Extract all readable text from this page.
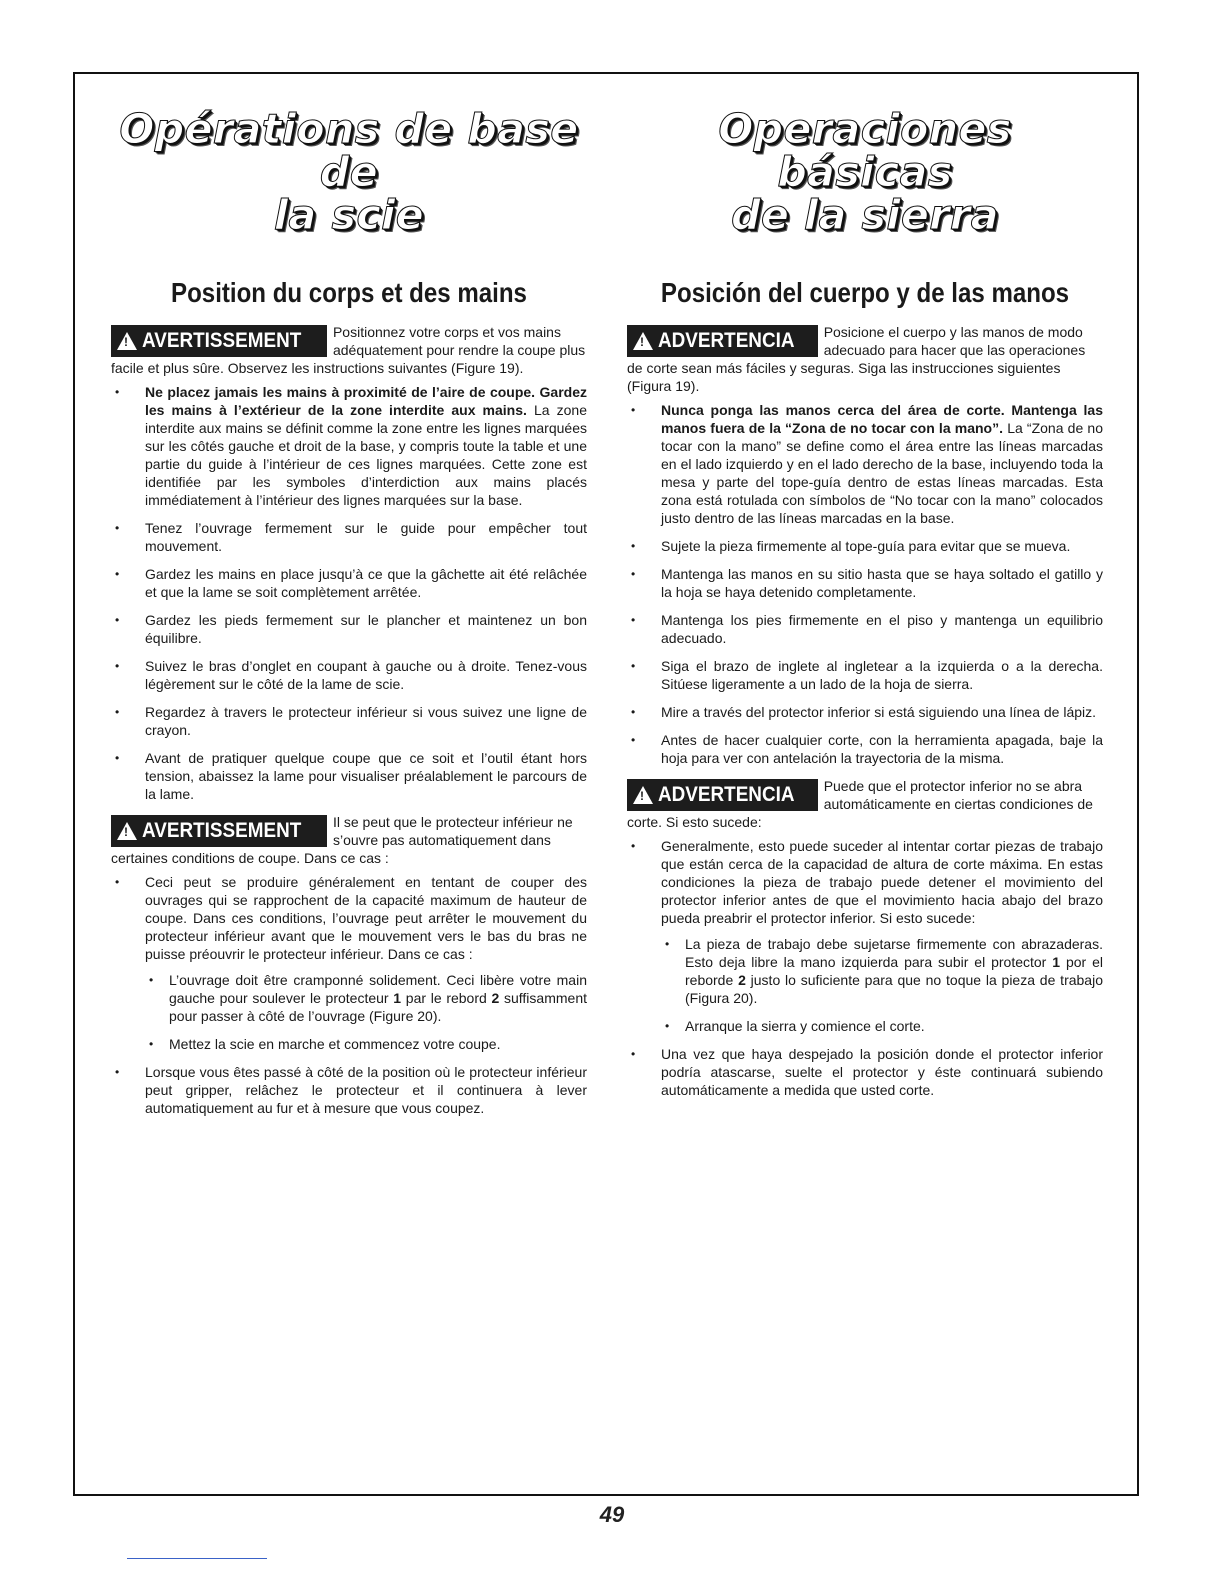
Opérations de base de
la scie
Position du corps et des mains
!
AVERTISSEMENT Positionnez votre corps et vos mains adéquatement pour rendre la coupe plus facile et plus sûre. Observez les instructions suivantes (Figure 19).
• Ne placez jamais les mains à proximité de l’aire de coupe. Gardez les mains à l’extérieur de la zone interdite aux mains. La zone interdite aux mains se définit comme la zone entre les lignes marquées sur les côtés gauche et droit de la base, y compris toute la table et une partie du guide à l’intérieur de ces lignes marquées. Cette zone est identifiée par les symboles d’interdiction aux mains placés immédiatement à l’intérieur des lignes marquées sur la base.
• Tenez l’ouvrage fermement sur le guide pour empêcher tout mouvement.
• Gardez les mains en place jusqu’à ce que la gâchette ait été relâchée et que la lame se soit complètement arrêtée.
• Gardez les pieds fermement sur le plancher et maintenez un bon équilibre.
• Suivez le bras d’onglet en coupant à gauche ou à droite. Tenez-vous légèrement sur le côté de la lame de scie.
• Regardez à travers le protecteur inférieur si vous suivez une ligne de crayon.
• Avant de pratiquer quelque coupe que ce soit et l’outil étant hors tension, abaissez la lame pour visualiser préalablement le parcours de la lame.
!
AVERTISSEMENT Il se peut que le protecteur inférieur ne s’ouvre pas automatiquement dans certaines conditions de coupe. Dans ce cas :
• Ceci peut se produire généralement en tentant de couper des ouvrages qui se rapprochent de la capacité maximum de hauteur de coupe. Dans ces conditions, l’ouvrage peut arrêter le mouvement du protecteur inférieur avant que le mouvement vers le bas du bras ne puisse préouvrir le protecteur inférieur. Dans ce cas :
• L’ouvrage doit être cramponné solidement. Ceci libère votre main gauche pour soulever le protecteur 1 par le rebord 2 suffisamment pour passer à côté de l’ouvrage (Figure 20).
• Mettez la scie en marche et commencez votre coupe.
• Lorsque vous êtes passé à côté de la position où le protecteur inférieur peut gripper, relâchez le protecteur et il continuera à lever automatiquement au fur et à mesure que vous coupez.
Operaciones básicas
de la sierra
Posición del cuerpo y de las manos
!
ADVERTENCIA Posicione el cuerpo y las manos de modo adecuado para hacer que las operaciones de corte sean más fáciles y seguras. Siga las instrucciones siguientes (Figura 19).
• Nunca ponga las manos cerca del área de corte. Mantenga las manos fuera de la “Zona de no tocar con la mano”. La “Zona de no tocar con la mano” se define como el área entre las líneas marcadas en el lado izquierdo y en el lado derecho de la base, incluyendo toda la mesa y parte del tope-guía dentro de estas líneas marcadas. Esta zona está rotulada con símbolos de “No tocar con la mano” colocados justo dentro de las líneas marcadas en la base.
• Sujete la pieza firmemente al tope-guía para evitar que se mueva.
• Mantenga las manos en su sitio hasta que se haya soltado el gatillo y la hoja se haya detenido completamente.
• Mantenga los pies firmemente en el piso y mantenga un equilibrio adecuado.
• Siga el brazo de inglete al ingletear a la izquierda o a la derecha. Sitúese ligeramente a un lado de la hoja de sierra.
• Mire a través del protector inferior si está siguiendo una línea de lápiz.
• Antes de hacer cualquier corte, con la herramienta apagada, baje la hoja para ver con antelación la trayectoria de la misma.
!
ADVERTENCIA Puede que el protector inferior no se abra automáticamente en ciertas condiciones de corte. Si esto sucede:
• Generalmente, esto puede suceder al intentar cortar piezas de trabajo que están cerca de la capacidad de altura de corte máxima. En estas condiciones la pieza de trabajo puede detener el movimiento del protector inferior antes de que el movimiento hacia abajo del brazo pueda preabrir el protector inferior. Si esto sucede:
• La pieza de trabajo debe sujetarse firmemente con abrazaderas. Esto deja libre la mano izquierda para subir el protector 1 por el reborde 2 justo lo suficiente para que no toque la pieza de trabajo (Figura 20).
• Arranque la sierra y comience el corte.
• Una vez que haya despejado la posición donde el protector inferior podría atascarse, suelte el protector y éste continuará subiendo automáticamente a medida que usted corte.
49
